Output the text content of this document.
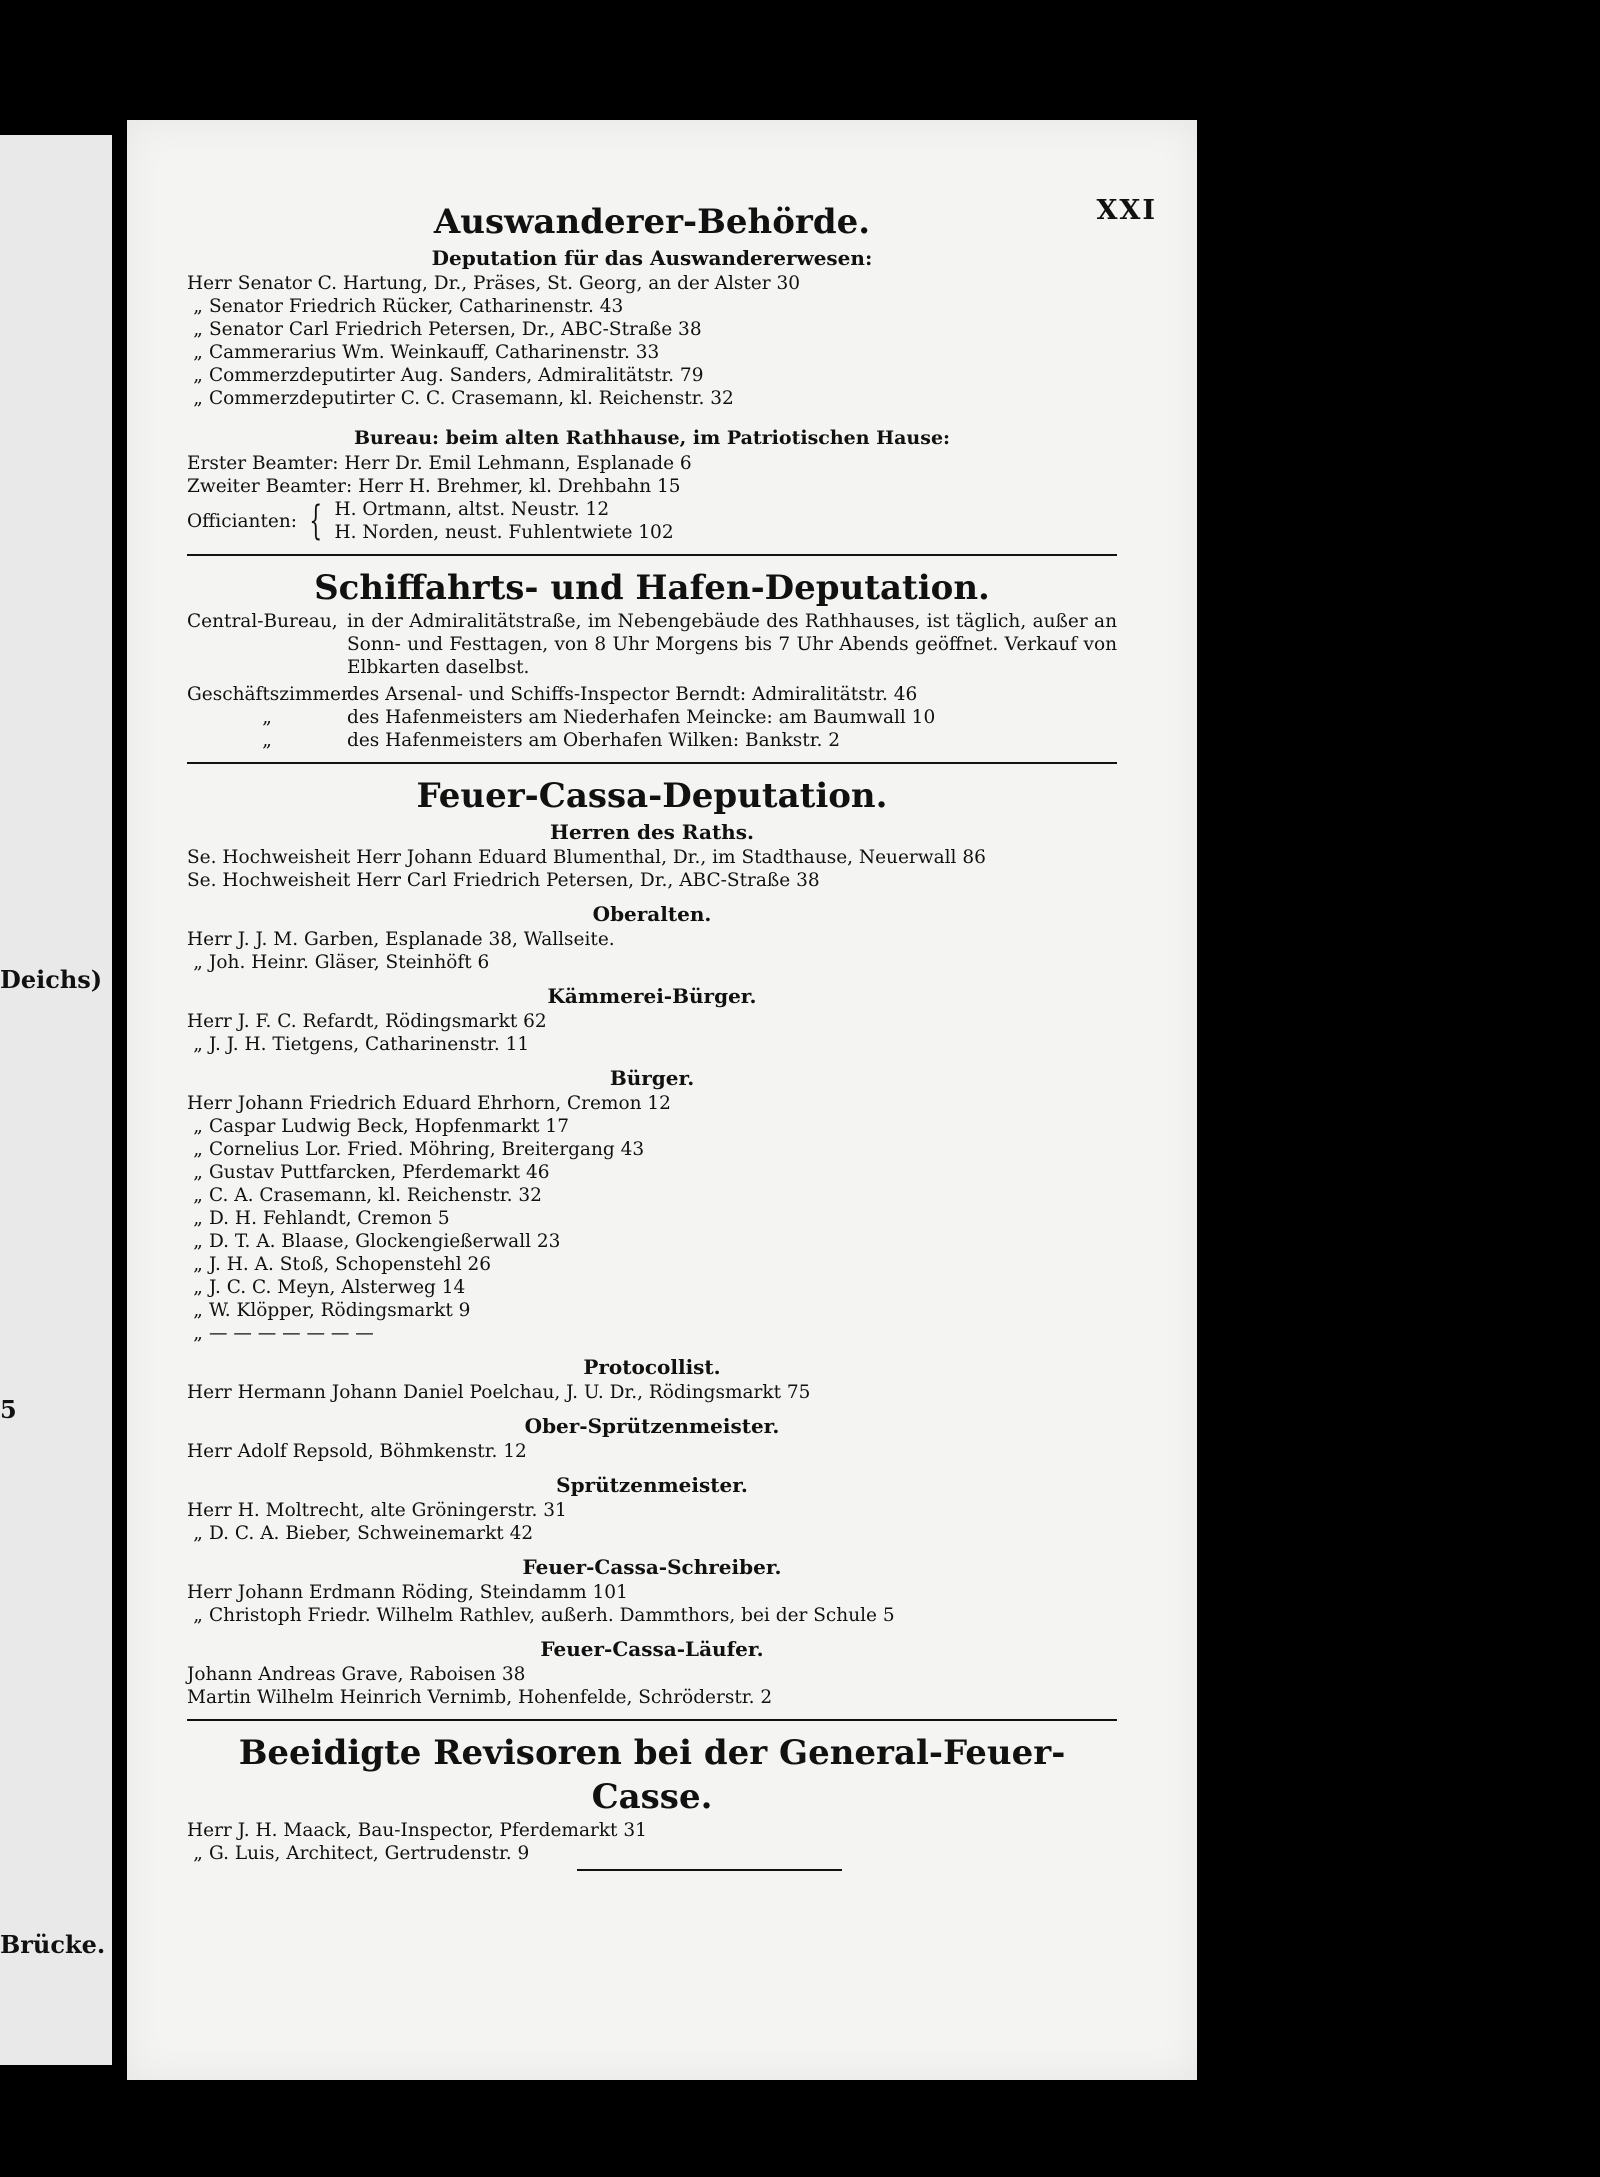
Deichs)
5
Brücke.
XXI
Auswanderer-Behörde.
Deputation für das Auswandererwesen:
Herr Senator C. Hartung, Dr., Präses, St. Georg, an der Alster 30
„ Senator Friedrich Rücker, Catharinenstr. 43
„ Senator Carl Friedrich Petersen, Dr., ABC-Straße 38
„ Cammerarius Wm. Weinkauff, Catharinenstr. 33
„ Commerzdeputirter Aug. Sanders, Admiralitätstr. 79
„ Commerzdeputirter C. C. Crasemann, kl. Reichenstr. 32
Bureau: beim alten Rathhause, im Patriotischen Hause:
Erster Beamter: Herr Dr. Emil Lehmann, Esplanade 6
Zweiter Beamter: Herr H. Brehmer, kl. Drehbahn 15
Officianten: { H. Ortmann, altst. Neustr. 12
H. Norden, neust. Fuhlentwiete 102
Schiffahrts- und Hafen-Deputation.
Central-Bureau, in der Admiralitätstraße, im Nebengebäude des Rathhauses, ist täglich, außer an Sonn- und Festtagen, von 8 Uhr Morgens bis 7 Uhr Abends geöffnet. Verkauf von Elbkarten daselbst.
Geschäftszimmer
des Arsenal- und Schiffs-Inspector Berndt: Admiralitätstr. 46
„	des Hafenmeisters am Niederhafen Meincke: am Baumwall 10
„	des Hafenmeisters am Oberhafen Wilken: Bankstr. 2
Feuer-Cassa-Deputation.
Herren des Raths.
Se. Hochweisheit Herr Johann Eduard Blumenthal, Dr., im Stadthause, Neuerwall 86
Se. Hochweisheit Herr Carl Friedrich Petersen, Dr., ABC-Straße 38
Oberalten.
Herr J. J. M. Garben, Esplanade 38, Wallseite.
„ Joh. Heinr. Gläser, Steinhöft 6
Kämmerei-Bürger.
Herr J. F. C. Refardt, Rödingsmarkt 62
„ J. J. H. Tietgens, Catharinenstr. 11
Bürger.
Herr Johann Friedrich Eduard Ehrhorn, Cremon 12
„ Caspar Ludwig Beck, Hopfenmarkt 17
„ Cornelius Lor. Fried. Möhring, Breitergang 43
„ Gustav Puttfarcken, Pferdemarkt 46
„ C. A. Crasemann, kl. Reichenstr. 32
„ D. H. Fehlandt, Cremon 5
„ D. T. A. Blaase, Glockengießerwall 23
„ J. H. A. Stoß, Schopenstehl 26
„ J. C. C. Meyn, Alsterweg 14
„ W. Klöpper, Rödingsmarkt 9
„ — — — — — — —
Protocollist.
Herr Hermann Johann Daniel Poelchau, J. U. Dr., Rödingsmarkt 75
Ober-Sprützenmeister.
Herr Adolf Repsold, Böhmkenstr. 12
Sprützenmeister.
Herr H. Moltrecht, alte Gröningerstr. 31
„ D. C. A. Bieber, Schweinemarkt 42
Feuer-Cassa-Schreiber.
Herr Johann Erdmann Röding, Steindamm 101
„ Christoph Friedr. Wilhelm Rathlev, außerh. Dammthors, bei der Schule 5
Feuer-Cassa-Läufer.
Johann Andreas Grave, Raboisen 38
Martin Wilhelm Heinrich Vernimb, Hohenfelde, Schröderstr. 2
Beeidigte Revisoren bei der General-Feuer-Casse.
Herr J. H. Maack, Bau-Inspector, Pferdemarkt 31
„ G. Luis, Architect, Gertrudenstr. 9
